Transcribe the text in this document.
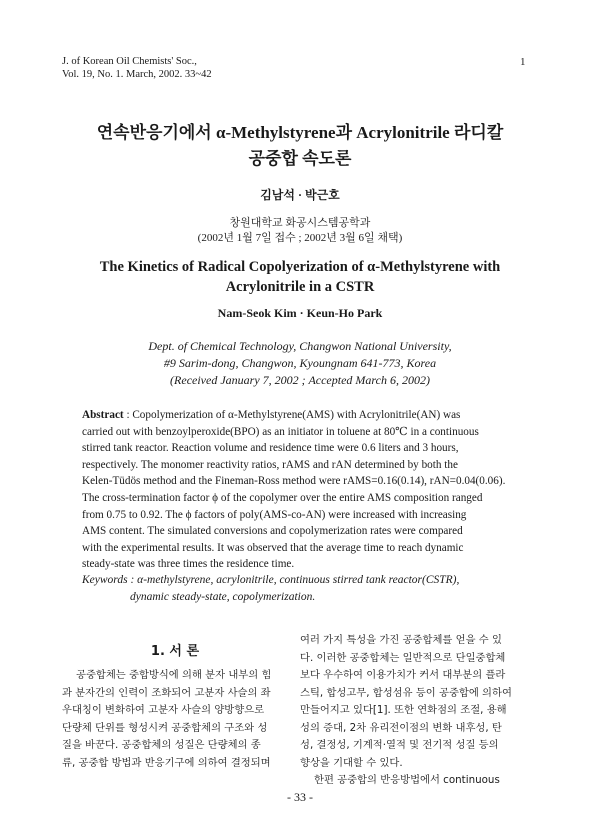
J. of Korean Oil Chemists' Soc.,
Vol. 19, No. 1. March, 2002. 33~42
1
연속반응기에서 α-Methylstyrene과 Acrylonitrile 라디칼
공중합 속도론
김남석 · 박근호
창원대학교 화공시스템공학과
(2002년 1월 7일 접수 ; 2002년 3월 6일 채택)
The Kinetics of Radical Copolyerization of α-Methylstyrene with
Acrylonitrile in a CSTR
Nam-Seok Kim · Keun-Ho Park
Dept. of Chemical Technology, Changwon National University,
#9 Sarim-dong, Changwon, Kyoungnam 641-773, Korea
(Received January 7, 2002 ; Accepted March 6, 2002)
Abstract : Copolymerization of α-Methylstyrene(AMS) with Acrylonitrile(AN) was
carried out with benzoylperoxide(BPO) as an initiator in toluene at 80℃ in a continuous
stirred tank reactor. Reaction volume and residence time were 0.6 liters and 3 hours,
respectively. The monomer reactivity ratios, rAMS and rAN determined by both the
Kelen-Tüdös method and the Fineman-Ross method were rAMS=0.16(0.14), rAN=0.04(0.06).
The cross-termination factor ϕ of the copolymer over the entire AMS composition ranged
from 0.75 to 0.92. The ϕ factors of poly(AMS-co-AN) were increased with increasing
AMS content. The simulated conversions and copolymerization rates were compared
with the experimental results. It was observed that the average time to reach dynamic
steady-state was three times the residence time.
Keywords : α-methylstyrene, acrylonitrile, continuous stirred tank reactor(CSTR),
dynamic steady-state, copolymerization.
1. 서 론
공중합체는 중합방식에 의해 분자 내부의 힘
과 분자간의 인력이 조화되어 고분자 사슬의 좌
우대칭이 변화하여 고분자 사슬의 양방향으로
단량체 단위를 형성시켜 공중합체의 구조와 성
질을 바꾼다. 공중합체의 성질은 단량체의 종
류, 공중합 방법과 반응기구에 의하여 결정되며
여러 가지 특성을 가진 공중합체를 얻을 수 있
다. 이러한 공중합체는 일반적으로 단일중합체
보다 우수하여 이용가치가 커서 대부분의 플라
스틱, 합성고무, 합성섬유 등이 공중합에 의하여
만들어지고 있다[1]. 또한 연화점의 조절, 용해
성의 증대, 2차 유리전이점의 변화 내후성, 탄
성, 결정성, 기계적·열적 및 전기적 성질 등의
향상을 기대할 수 있다.
한편 공중합의 반응방법에서 continuous
- 33 -
